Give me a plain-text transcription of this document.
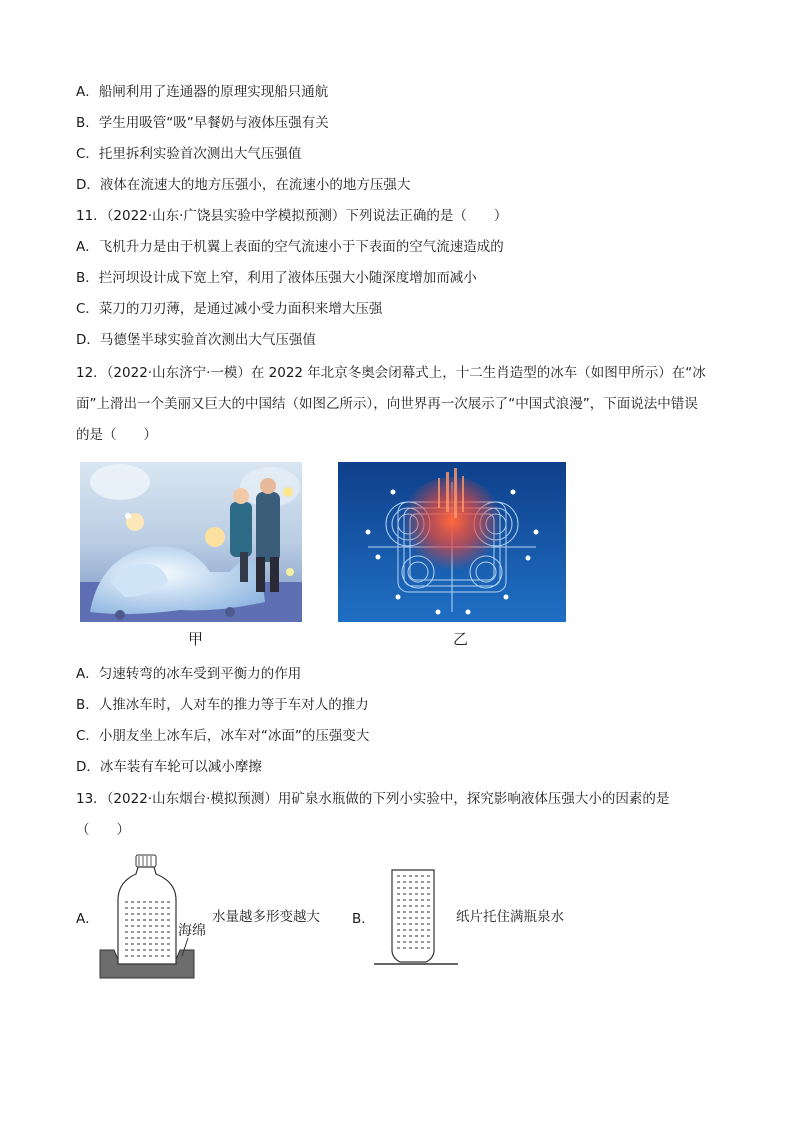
A．船闸利用了连通器的原理实现船只通航
B．学生用吸管“吸”早餐奶与液体压强有关
C．托里拆利实验首次测出大气压强值
D．液体在流速大的地方压强小，在流速小的地方压强大
11．（2022·山东·广饶县实验中学模拟预测）下列说法正确的是（　　）
A．飞机升力是由于机翼上表面的空气流速小于下表面的空气流速造成的
B．拦河坝设计成下宽上窄，利用了液体压强大小随深度增加而减小
C．菜刀的刀刃薄，是通过减小受力面积来增大压强
D．马德堡半球实验首次测出大气压强值
12．（2022·山东济宁·一模）在 2022 年北京冬奥会闭幕式上，十二生肖造型的冰车（如图甲所示）在“冰
面”上滑出一个美丽又巨大的中国结（如图乙所示），向世界再一次展示了“中国式浪漫”，下面说法中错误
的是（　　）
甲	乙
A．匀速转弯的冰车受到平衡力的作用
B．人推冰车时，人对车的推力等于车对人的推力
C．小朋友坐上冰车后，冰车对“冰面”的压强变大
D．冰车装有车轮可以减小摩擦
13．（2022·山东烟台·模拟预测）用矿泉水瓶做的下列小实验中，探究影响液体压强大小的因素的是
（　　）
A．
海绵
水量越多形变越大 B．	纸片托住满瓶泉水
